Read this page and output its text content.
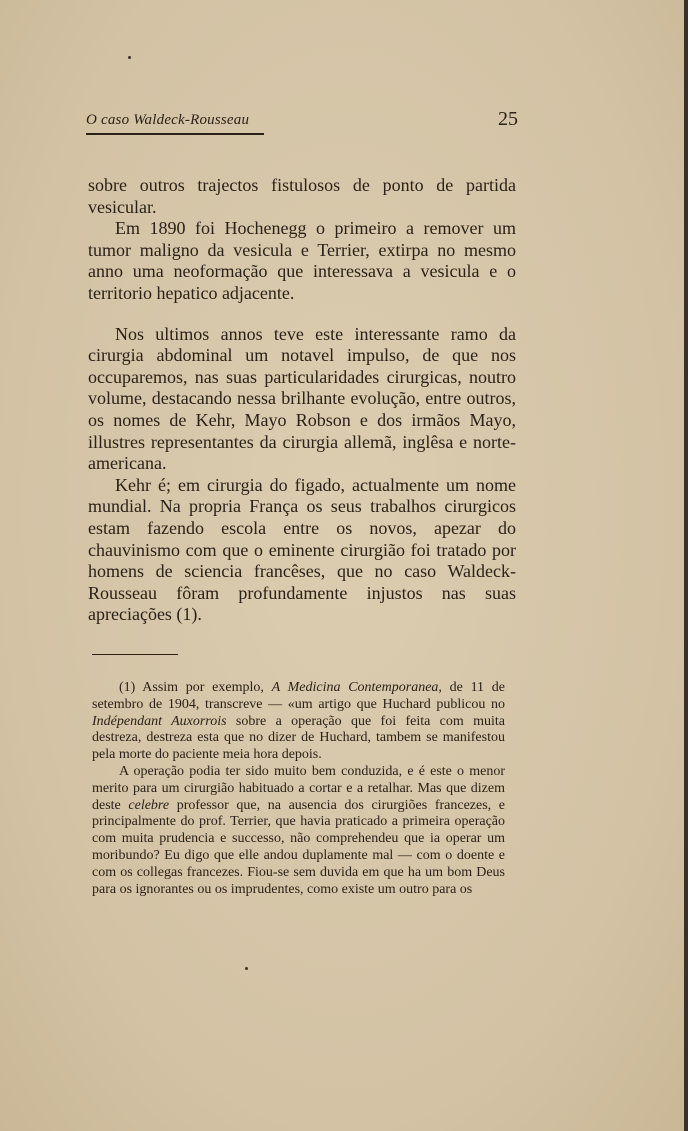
O caso Waldeck-Rousseau	25

sobre outros trajectos fistulosos de ponto de partida vesicular.

Em 1890 foi Hochenegg o primeiro a remover um tumor maligno da vesicula e Terrier, extirpa no mesmo anno uma neoformação que interessava a vesicula e o territorio hepatico adjacente.

Nos ultimos annos teve este interessante ramo da cirurgia abdominal um notavel impulso, de que nos occuparemos, nas suas particularidades cirurgicas, noutro volume, destacando nessa brilhante evolução, entre outros, os nomes de Kehr, Mayo Robson e dos irmãos Mayo, illustres representantes da cirurgia allemã, inglêsa e norte-americana.

Kehr é; em cirurgia do figado, actualmente um nome mundial. Na propria França os seus trabalhos cirurgicos estam fazendo escola entre os novos, apezar do chauvinismo com que o eminente cirurgião foi tratado por homens de sciencia francêses, que no caso Waldeck-Rousseau fôram profundamente injustos nas suas apreciações (1).

(1) Assim por exemplo, A Medicina Contemporanea, de 11 de setembro de 1904, transcreve — «um artigo que Huchard publicou no Indépendant Auxorrois sobre a operação que foi feita com muita destreza, destreza esta que no dizer de Huchard, tambem se manifestou pela morte do paciente meia hora depois.

A operação podia ter sido muito bem conduzida, e é este o menor merito para um cirurgião habituado a cortar e a retalhar. Mas que dizem deste celebre professor que, na ausencia dos cirurgiões francezes, e principalmente do prof. Terrier, que havia praticado a primeira operação com muita prudencia e successo, não comprehendeu que ia operar um moribundo? Eu digo que elle andou duplamente mal — com o doente e com os collegas francezes. Fiou-se sem duvida em que ha um bom Deus para os ignorantes ou os imprudentes, como existe um outro para os
